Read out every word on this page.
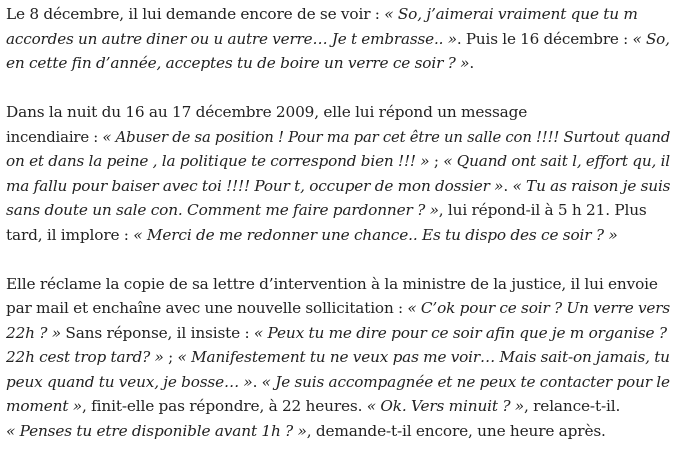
Le 8 décembre, il lui demande encore de se voir : « So, j’aimerai vraiment que tu m
accordes un autre diner ou u autre verre… Je t embrasse.. ». Puis le 16 décembre : « So,
en cette fin d’année, acceptes tu de boire un verre ce soir ? ».

Dans la nuit du 16 au 17 décembre 2009, elle lui répond un message
incendiaire : « Abuser de sa position ! Pour ma par cet être un salle con !!!! Surtout quand
on et dans la peine , la politique te correspond bien !!! » ; « Quand ont sait l, effort qu, il
ma fallu pour baiser avec toi !!!! Pour t, occuper de mon dossier ». « Tu as raison je suis
sans doute un sale con. Comment me faire pardonner ? », lui répond-il à 5 h 21. Plus
tard, il implore : « Merci de me redonner une chance.. Es tu dispo des ce soir ? »

Elle réclame la copie de sa lettre d’intervention à la ministre de la justice, il lui envoie
par mail et enchaîne avec une nouvelle sollicitation : « C’ok pour ce soir ? Un verre vers
22h ? » Sans réponse, il insiste : « Peux tu me dire pour ce soir afin que je m organise ?
22h cest trop tard? » ; « Manifestement tu ne veux pas me voir… Mais sait-on jamais, tu
peux quand tu veux, je bosse… ». « Je suis accompagnée et ne peux te contacter pour le
moment », finit-elle pas répondre, à 22 heures. « Ok. Vers minuit ? », relance-t-il.
« Penses tu etre disponible avant 1h ? », demande-t-il encore, une heure après.
